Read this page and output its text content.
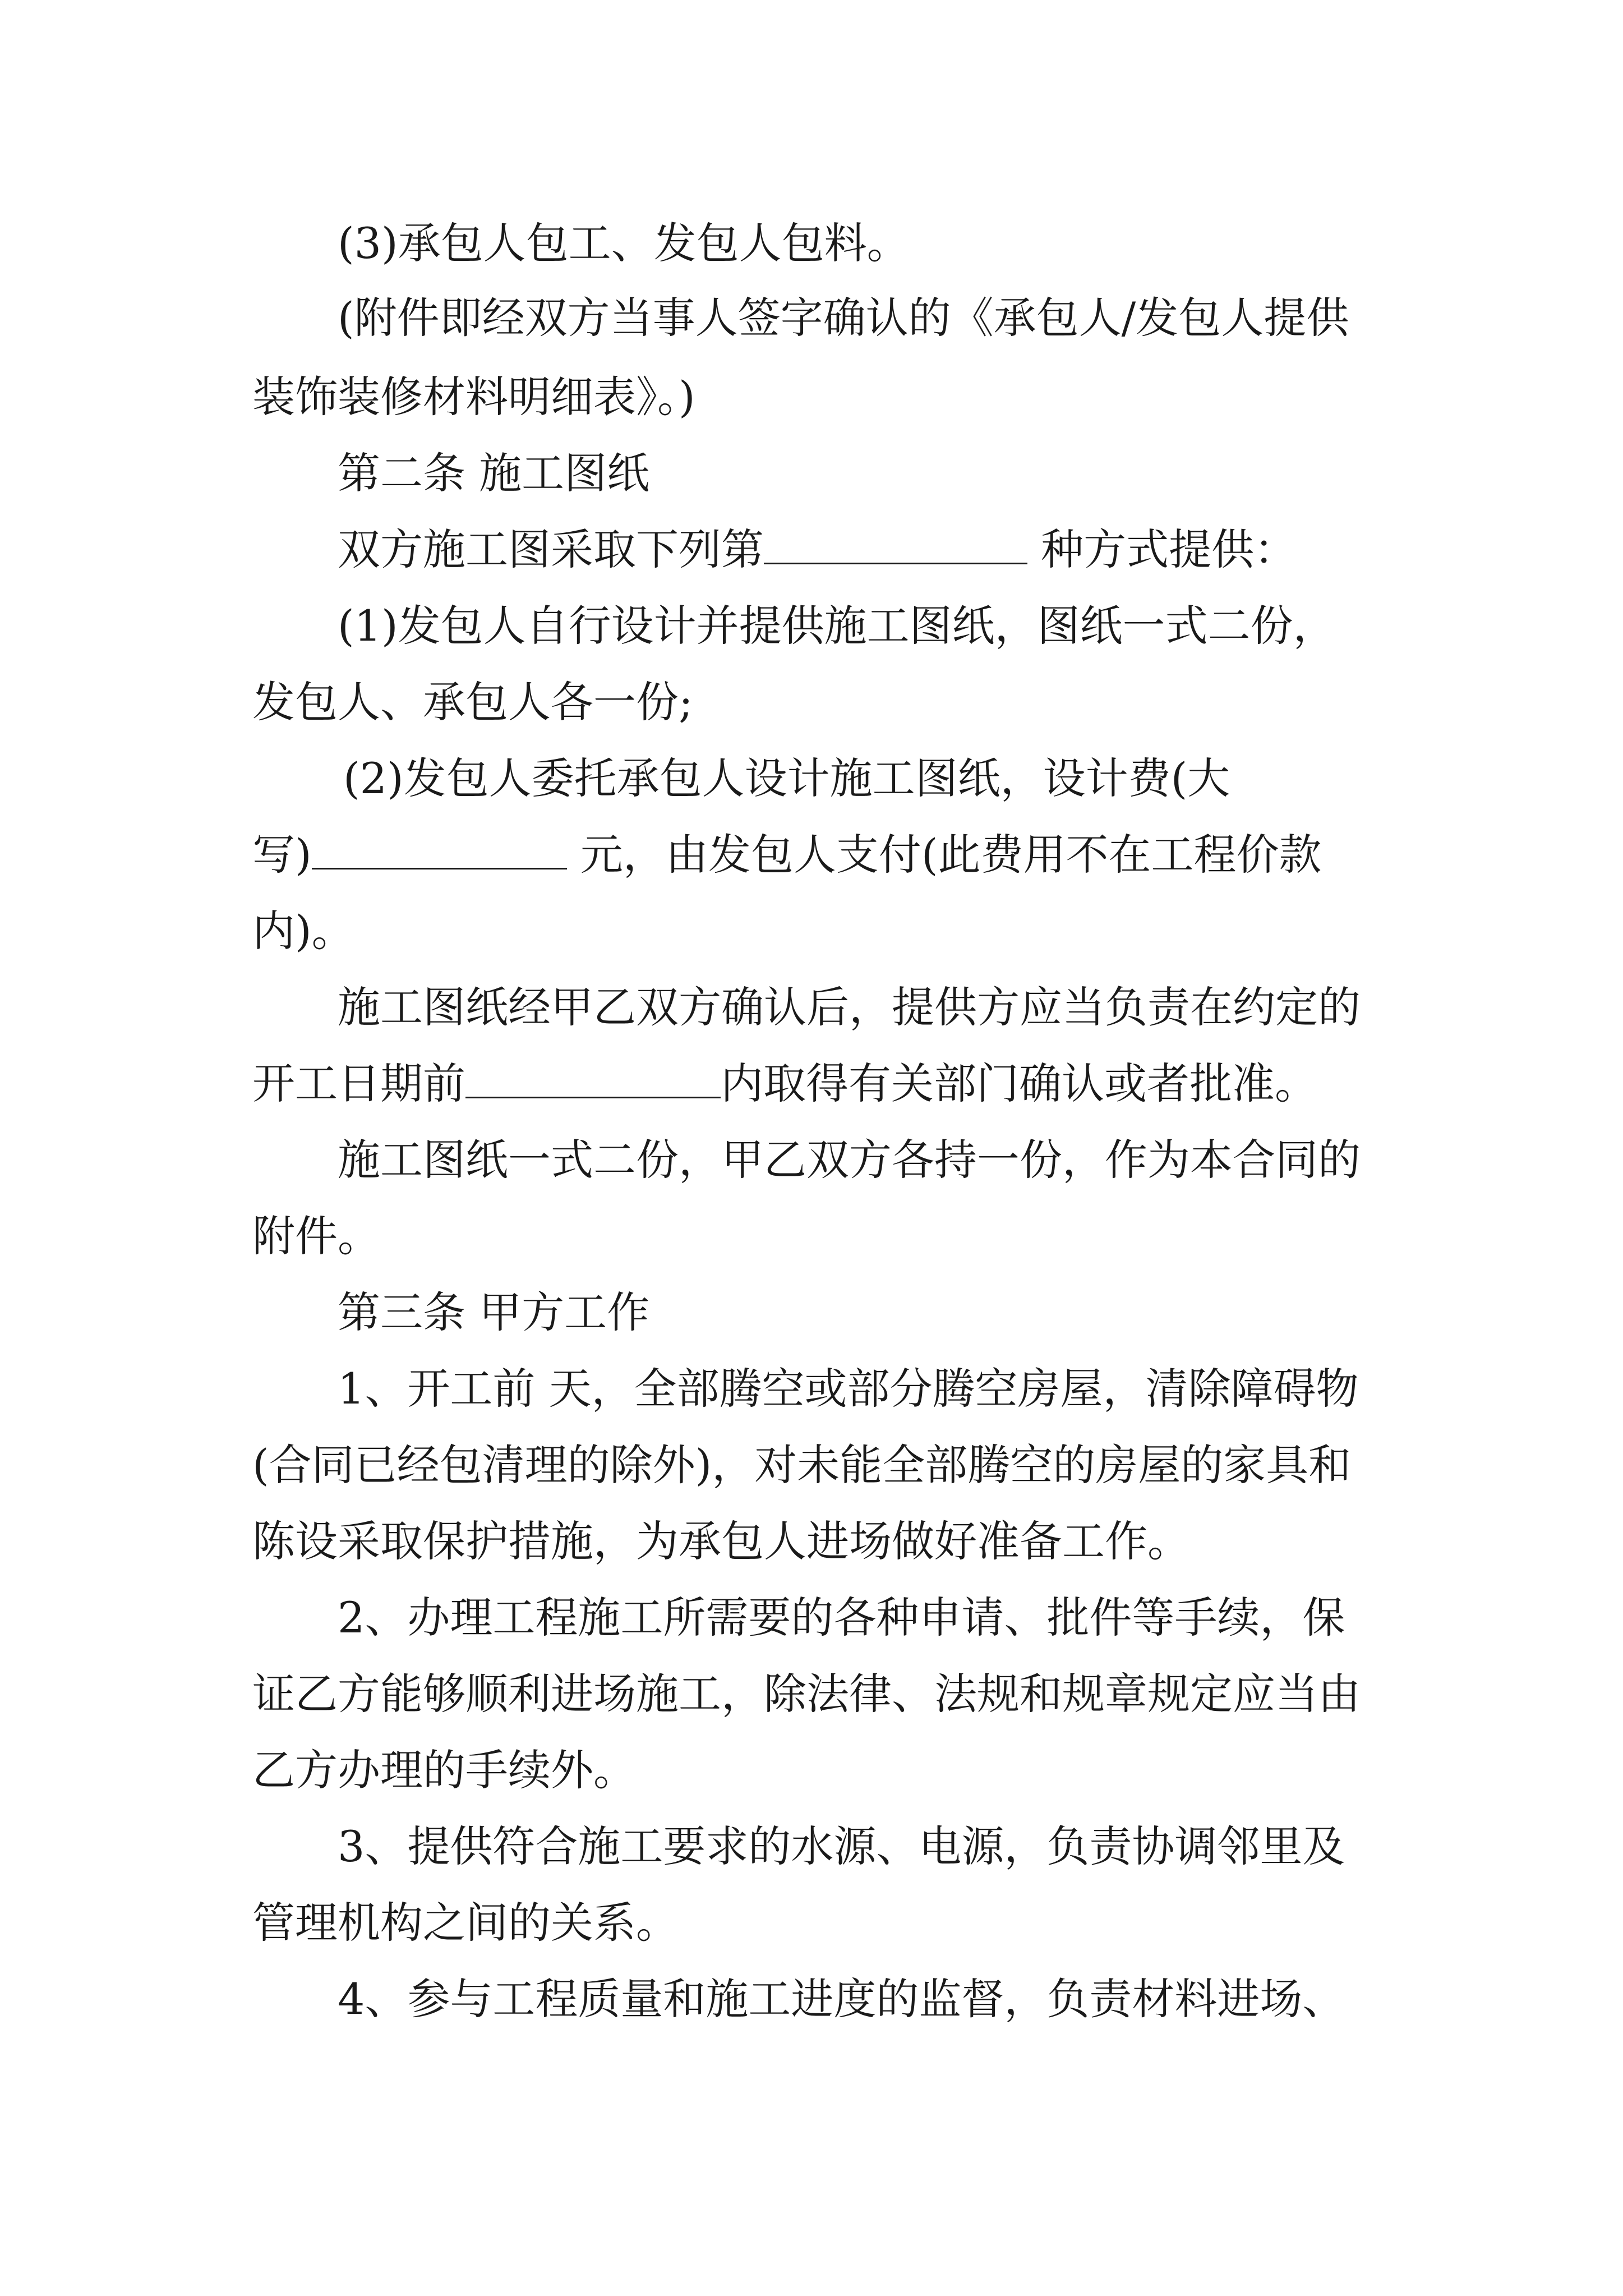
(3)承包人包工、发包人包料。

(附件即经双方当事人签字确认的《承包人/发包人提供

装饰装修材料明细表》。)

第二条 施工图纸

双方施工图采取下列第	种方式提供：

(1)发包人自行设计并提供施工图纸，图纸一式二份，

发包人、承包人各一份;

(2)发包人委托承包人设计施工图纸，设计费(大

写)	元，由发包人支付(此费用不在工程价款

内)。

施工图纸经甲乙双方确认后，提供方应当负责在约定的

开工日期前	内取得有关部门确认或者批准。

施工图纸一式二份，甲乙双方各持一份，作为本合同的

附件。

第三条 甲方工作

1、开工前 天，全部腾空或部分腾空房屋，清除障碍物

(合同已经包清理的除外)，对未能全部腾空的房屋的家具和

陈设采取保护措施，为承包人进场做好准备工作。

2、办理工程施工所需要的各种申请、批件等手续，保

证乙方能够顺利进场施工，除法律、法规和规章规定应当由

乙方办理的手续外。

3、提供符合施工要求的水源、电源，负责协调邻里及

管理机构之间的关系。

4、参与工程质量和施工进度的监督，负责材料进场、
